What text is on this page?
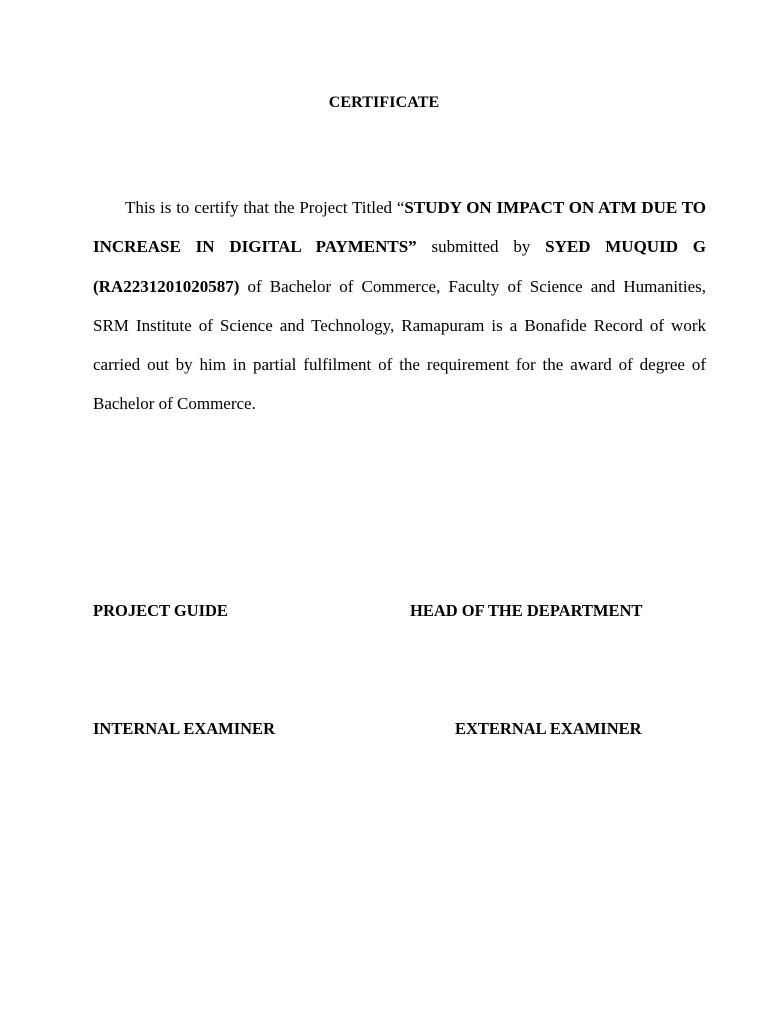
CERTIFICATE
This is to certify that the Project Titled “STUDY ON IMPACT ON ATM DUE TO INCREASE IN DIGITAL PAYMENTS” submitted by SYED MUQUID G (RA2231201020587) of Bachelor of Commerce, Faculty of Science and Humanities, SRM Institute of Science and Technology, Ramapuram is a Bonafide Record of work carried out by him in partial fulfilment of the requirement for the award of degree of Bachelor of Commerce.
PROJECT GUIDE	HEAD OF THE DEPARTMENT
INTERNAL EXAMINER	EXTERNAL EXAMINER
